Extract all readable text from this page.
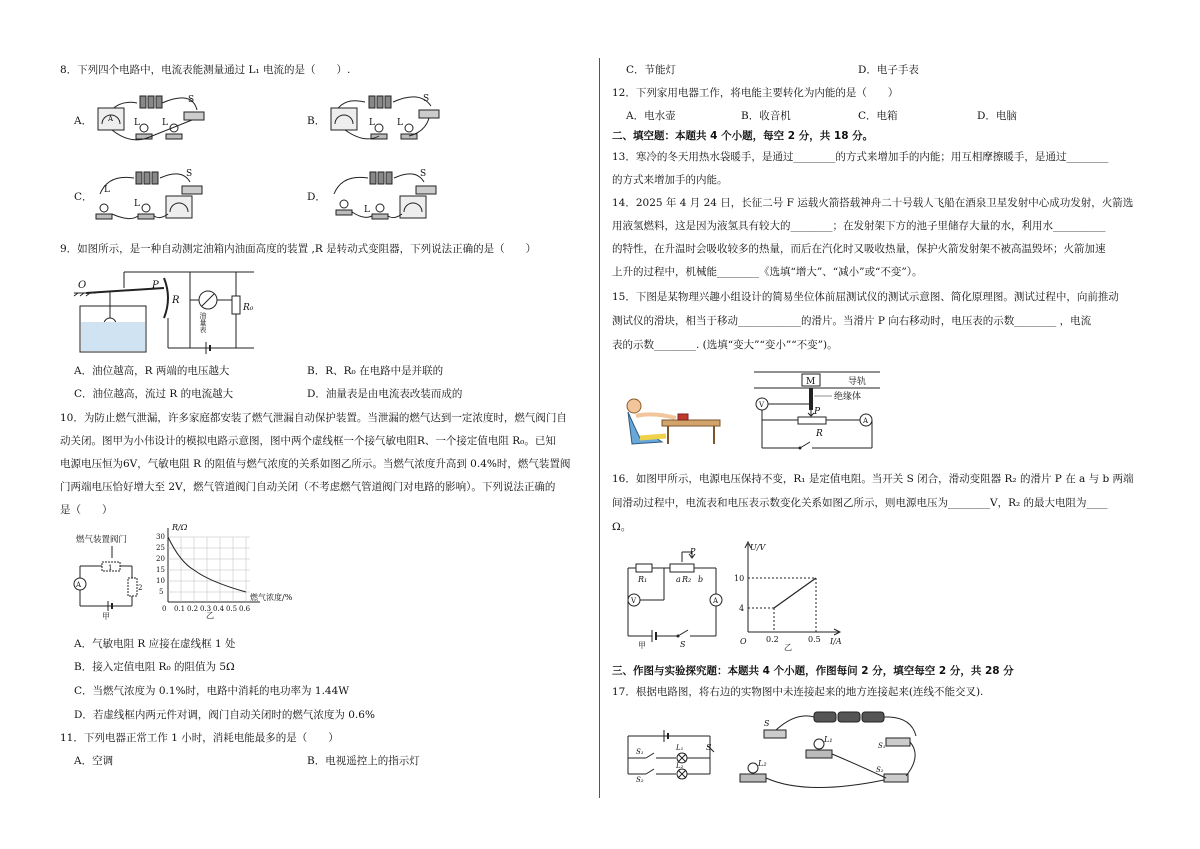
8．下列四个电路中，电流表能测量通过 L₁ 电流的是（　　）.
A． A
S
L L	B．
S
L L
C．
L
S
L
D．
S
L
9．如图所示，是一种自动测定油箱内油面高度的装置 ,R 是转动式变阻器，下列说法正确的是（　　）
O	P
R
油量表
R₀
A．油位越高，R 两端的电压越大	B．R、R₀ 在电路中是并联的
C．油位越高，流过 R 的电流越大	D．油量表是由电流表改装而成的
10．为防止燃气泄漏，许多家庭都安装了燃气泄漏自动保护装置。当泄漏的燃气达到一定浓度时，燃气阀门自
动关闭。图甲为小伟设计的模拟电路示意图，图中两个虚线框一个接气敏电阻R、一个接定值电阻 R₀。已知
电源电压恒为6V，气敏电阻 R 的阻值与燃气浓度的关系如图乙所示。当燃气浓度升高到 0.4%时，燃气装置阀
门两端电压恰好增大至 2V，燃气管道阀门自动关闭（不考虑燃气管道阀门对电路的影响）。下列说法正确的
是（　　）
燃气装置阀门
1
A	2
甲
R/Ω
30
25
20
15
10
5
0 0.1 0.2 0.3 0.4 0.5 0.6
燃气浓度/%
乙
A．气敏电阻 R 应接在虚线框 1 处
B．接入定值电阻 R₀ 的阻值为 5Ω
C．当燃气浓度为 0.1%时，电路中消耗的电功率为 1.44W
D．若虚线框内两元件对调，阀门自动关闭时的燃气浓度为 0.6%
11．下列电器正常工作 1 小时，消耗电能最多的是（　　）
A．空调	B．电视遥控上的指示灯
C．节能灯	D．电子手表
12．下列家用电器工作，将电能主要转化为内能的是（　　）
A．电水壶	B．收音机	C．电箱	D．电脑
二、填空题：本题共 4 个小题，每空 2 分，共 18 分。
13．寒冷的冬天用热水袋暖手，是通过________的方式来增加手的内能；用互相摩擦暖手，是通过________
的方式来增加手的内能。
14．2025 年 4 月 24 日，长征二号 F 运载火箭搭载神舟二十号载人飞船在酒泉卫星发射中心成功发射，火箭选
用液氢燃料，这是因为液氢具有较大的________；在发射架下方的池子里储存大量的水，利用水__________
的特性，在升温时会吸收较多的热量，而后在汽化时又吸收热量，保护火箭发射架不被高温毁坏；火箭加速
上升的过程中，机械能________《选填“增大”、“减小”或“不变”）。
15．下图是某物理兴趣小组设计的简易坐位体前屈测试仪的测试示意图、简化原理图。测试过程中，向前推动
测试仪的滑块，相当于移动____________的滑片。当滑片 P 向右移动时，电压表的示数________ ，电流
表的示数________. (选填“变大”“变小”“不变”)。
M	导轨
绝缘体
P
R
V
A
16．如图甲所示，电源电压保持不变，R₁ 是定值电阻。当开关 S 闭合，滑动变阻器 R₂ 的滑片 P 在 a 与 b 两端
间滑动过程中，电流表和电压表示数变化关系如图乙所示，则电源电压为________V，R₂ 的最大电阻为____
Ω。
R₁
P
a R₂ b
V	A
S
甲
U/V
I/A
O
10
4
0.2	0.5
乙
三、作图与实验探究题：本题共 4 个小题，作图每问 2 分，填空每空 2 分，共 28 分
17．根据电路图，将右边的实物图中未连接起来的地方连接起来(连线不能交叉).
S
S₁	L₁
S₂
L₂
S
L₁
S₁
L₂
S₂
